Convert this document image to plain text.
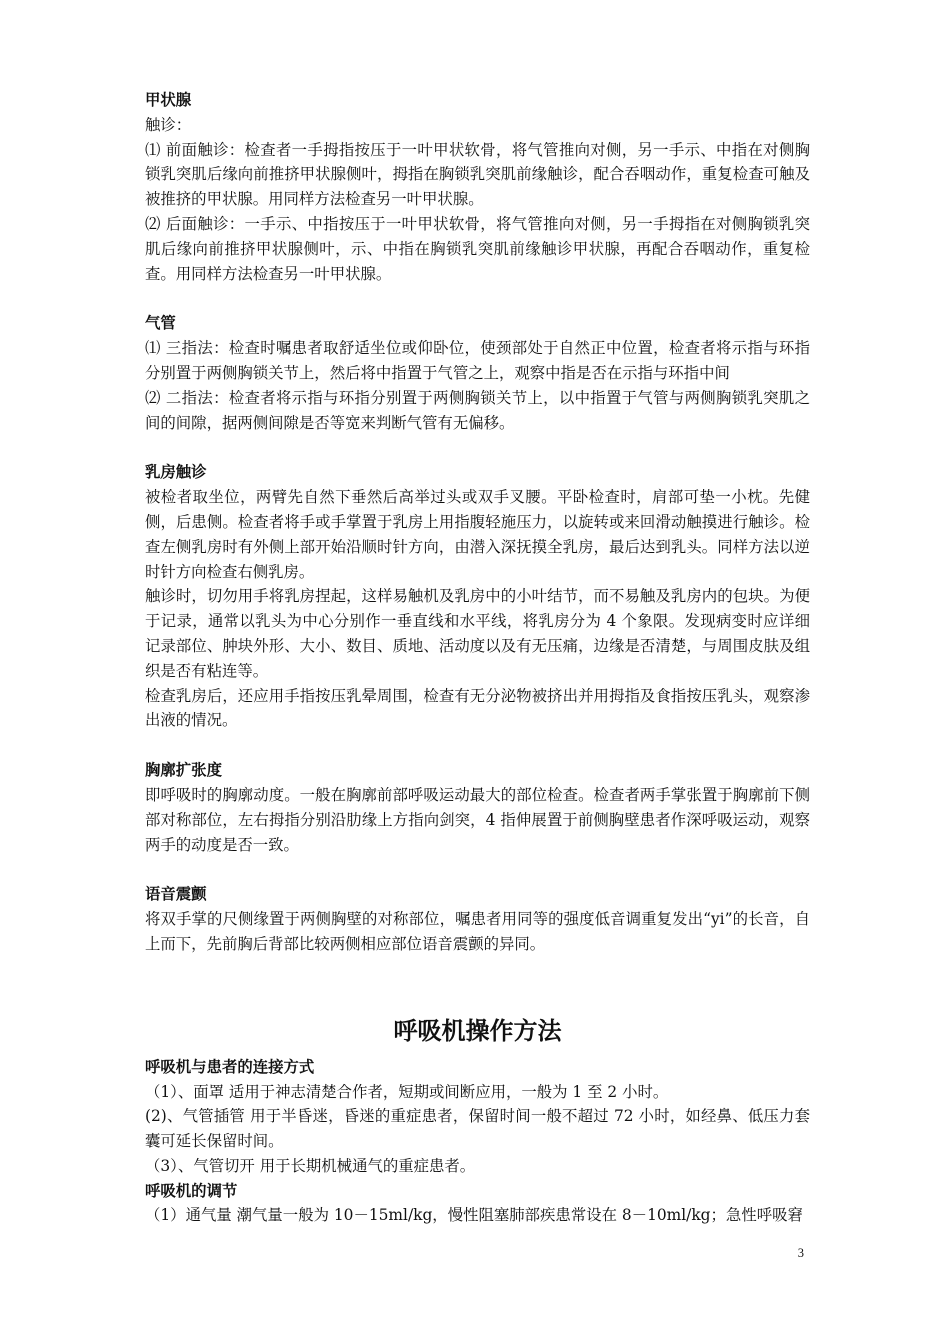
甲状腺

触诊：

⑴ 前面触诊：检查者一手拇指按压于一叶甲状软骨，将气管推向对侧，另一手示、中指在对侧胸锁乳突肌后缘向前推挤甲状腺侧叶，拇指在胸锁乳突肌前缘触诊，配合吞咽动作，重复检查可触及被推挤的甲状腺。用同样方法检查另一叶甲状腺。

⑵ 后面触诊：一手示、中指按压于一叶甲状软骨，将气管推向对侧，另一手拇指在对侧胸锁乳突肌后缘向前推挤甲状腺侧叶，示、中指在胸锁乳突肌前缘触诊甲状腺，再配合吞咽动作，重复检查。用同样方法检查另一叶甲状腺。

气管

⑴ 三指法：检查时嘱患者取舒适坐位或仰卧位，使颈部处于自然正中位置，检查者将示指与环指分别置于两侧胸锁关节上，然后将中指置于气管之上，观察中指是否在示指与环指中间

⑵ 二指法：检查者将示指与环指分别置于两侧胸锁关节上，以中指置于气管与两侧胸锁乳突肌之间的间隙，据两侧间隙是否等宽来判断气管有无偏移。

乳房触诊

被检者取坐位，两臂先自然下垂然后高举过头或双手叉腰。平卧检查时，肩部可垫一小枕。先健侧，后患侧。检查者将手或手掌置于乳房上用指腹轻施压力，以旋转或来回滑动触摸进行触诊。检查左侧乳房时有外侧上部开始沿顺时针方向，由潜入深抚摸全乳房，最后达到乳头。同样方法以逆时针方向检查右侧乳房。

触诊时，切勿用手将乳房捏起，这样易触机及乳房中的小叶结节，而不易触及乳房内的包块。为便于记录，通常以乳头为中心分别作一垂直线和水平线，将乳房分为 4 个象限。发现病变时应详细记录部位、肿块外形、大小、数目、质地、活动度以及有无压痛，边缘是否清楚，与周围皮肤及组织是否有粘连等。

检查乳房后，还应用手指按压乳晕周围，检查有无分泌物被挤出并用拇指及食指按压乳头，观察渗出液的情况。

胸廓扩张度

即呼吸时的胸廓动度。一般在胸廓前部呼吸运动最大的部位检查。检查者两手掌张置于胸廓前下侧部对称部位，左右拇指分别沿肋缘上方指向剑突，4 指伸展置于前侧胸壁患者作深呼吸运动，观察两手的动度是否一致。

语音震颤

将双手掌的尺侧缘置于两侧胸壁的对称部位，嘱患者用同等的强度低音调重复发出“yi”的长音，自上而下，先前胸后背部比较两侧相应部位语音震颤的异同。

呼吸机操作方法

呼吸机与患者的连接方式

（1）、面罩 适用于神志清楚合作者，短期或间断应用，一般为 1 至 2 小时。

(2)、气管插管 用于半昏迷，昏迷的重症患者，保留时间一般不超过 72 小时，如经鼻、低压力套囊可延长保留时间。

（3）、气管切开 用于长期机械通气的重症患者。

呼吸机的调节

（1）通气量 潮气量一般为 10－15ml/kg，慢性阻塞肺部疾患常设在 8－10ml/kg；急性呼吸窘

3
